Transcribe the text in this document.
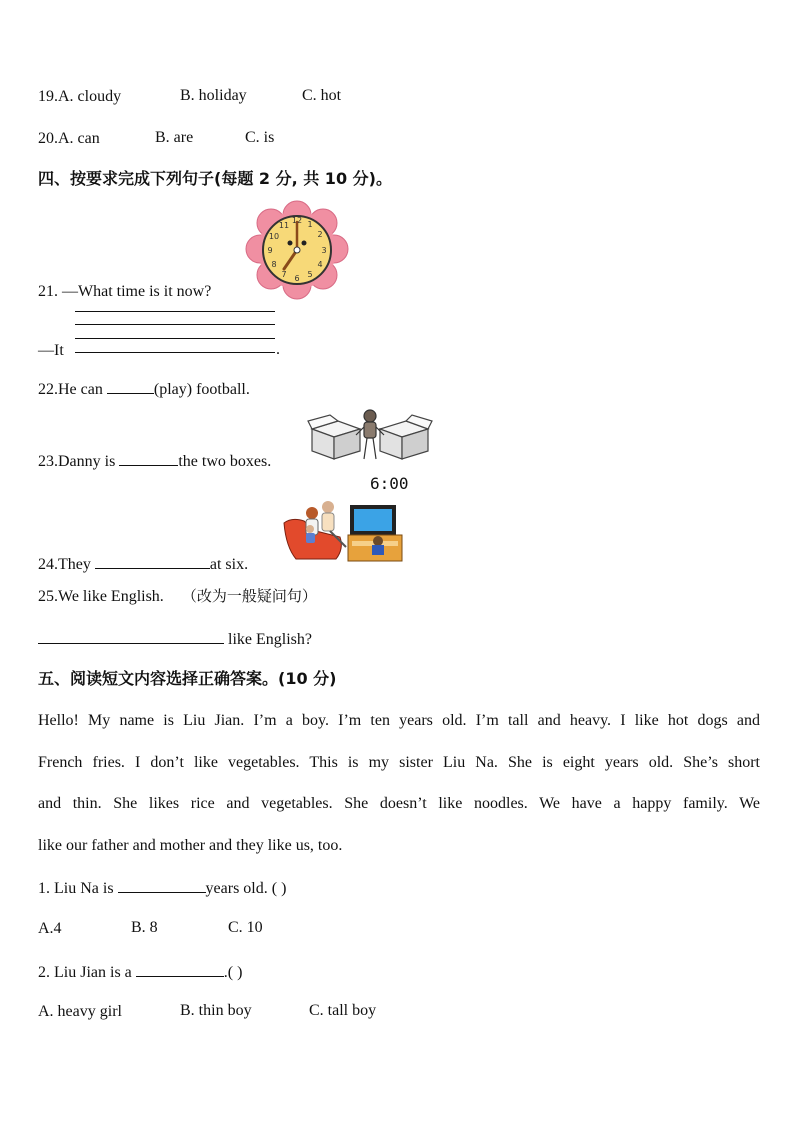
19.A. cloudy	B. holiday	C. hot
20.A. can	B. are	C. is
四、按要求完成下列句子(每题 2 分, 共 10 分)。
12 1
2
3
4
5
6
7
8
9
10
11
21. —What time is it now?
—It	.
22.He can	(play) football.
23.Danny is	the two boxes.
6:00
24.They	at six.
25.We like English. （改为一般疑问句）
like English?
五、阅读短文内容选择正确答案。(10 分)

Hello! My name is Liu Jian. I’m a boy. I’m ten years old. I’m tall and heavy. I like hot dogs and

French fries. I don’t like vegetables. This is my sister Liu Na. She is eight years old. She’s short

and thin. She likes rice and vegetables. She doesn’t like noodles. We have a happy family. We

like our father and mother and they like us, too.

1. Liu Na is	years old. ( )
A.4	B. 8	C. 10
2. Liu Jian is a	.( )
A. heavy girl	B. thin boy	C. tall boy
